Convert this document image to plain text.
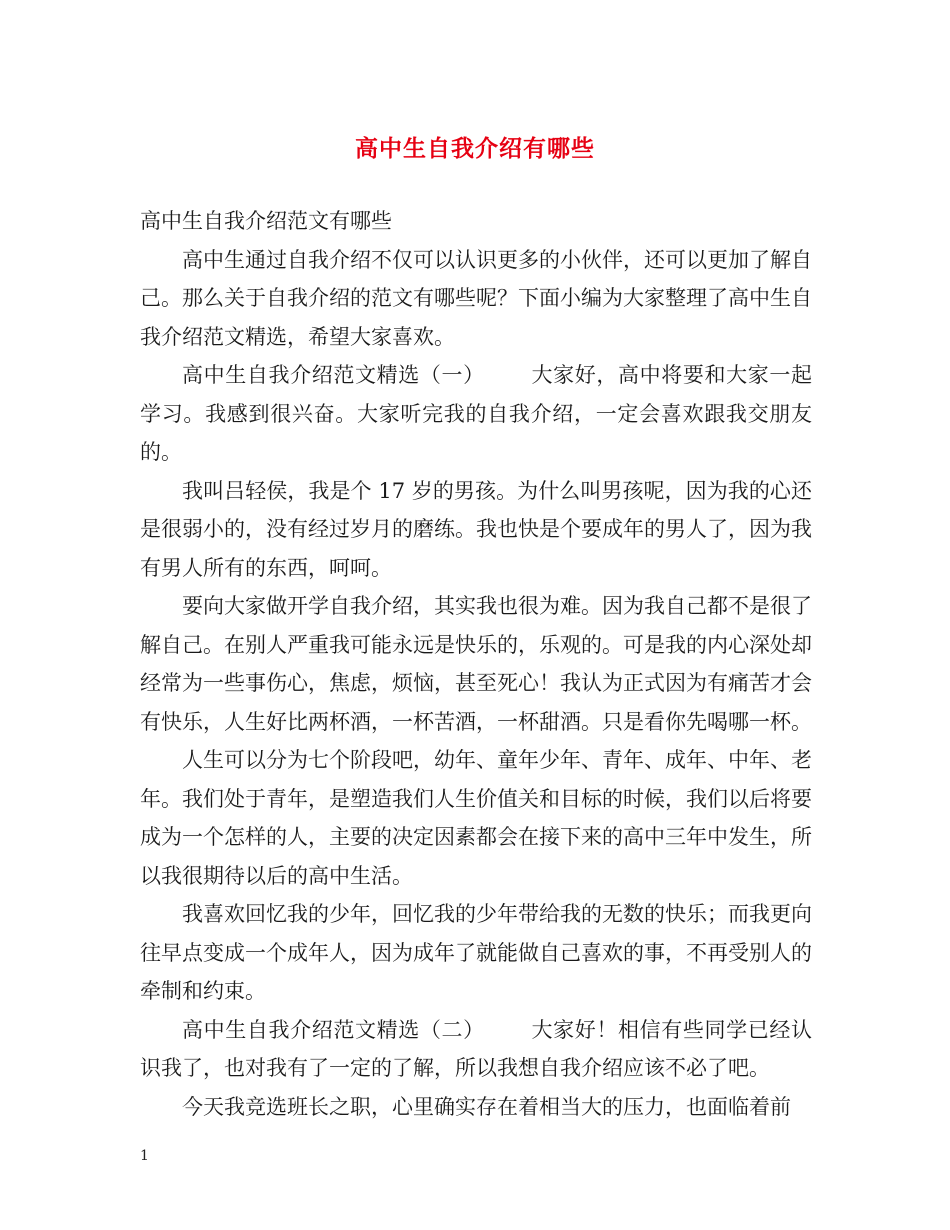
高中生自我介绍有哪些

高中生自我介绍范文有哪些

高中生通过自我介绍不仅可以认识更多的小伙伴，还可以更加了解自己。那么关于自我介绍的范文有哪些呢？下面小编为大家整理了高中生自我介绍范文精选，希望大家喜欢。

高中生自我介绍范文精选（一） 大家好，高中将要和大家一起学习。我感到很兴奋。大家听完我的自我介绍，一定会喜欢跟我交朋友的。

我叫吕轻侯，我是个 17 岁的男孩。为什么叫男孩呢，因为我的心还是很弱小的，没有经过岁月的磨练。我也快是个要成年的男人了，因为我有男人所有的东西，呵呵。

要向大家做开学自我介绍，其实我也很为难。因为我自己都不是很了解自己。在别人严重我可能永远是快乐的，乐观的。可是我的内心深处却经常为一些事伤心，焦虑，烦恼，甚至死心！我认为正式因为有痛苦才会有快乐，人生好比两杯酒，一杯苦酒，一杯甜酒。只是看你先喝哪一杯。

人生可以分为七个阶段吧，幼年、童年少年、青年、成年、中年、老年。我们处于青年，是塑造我们人生价值关和目标的时候，我们以后将要成为一个怎样的人，主要的决定因素都会在接下来的高中三年中发生，所以我很期待以后的高中生活。

我喜欢回忆我的少年，回忆我的少年带给我的无数的快乐；而我更向往早点变成一个成年人，因为成年了就能做自己喜欢的事，不再受别人的牵制和约束。

高中生自我介绍范文精选（二） 大家好！相信有些同学已经认识我了，也对我有了一定的了解，所以我想自我介绍应该不必了吧。

今天我竞选班长之职，心里确实存在着相当大的压力，也面临着前

1
